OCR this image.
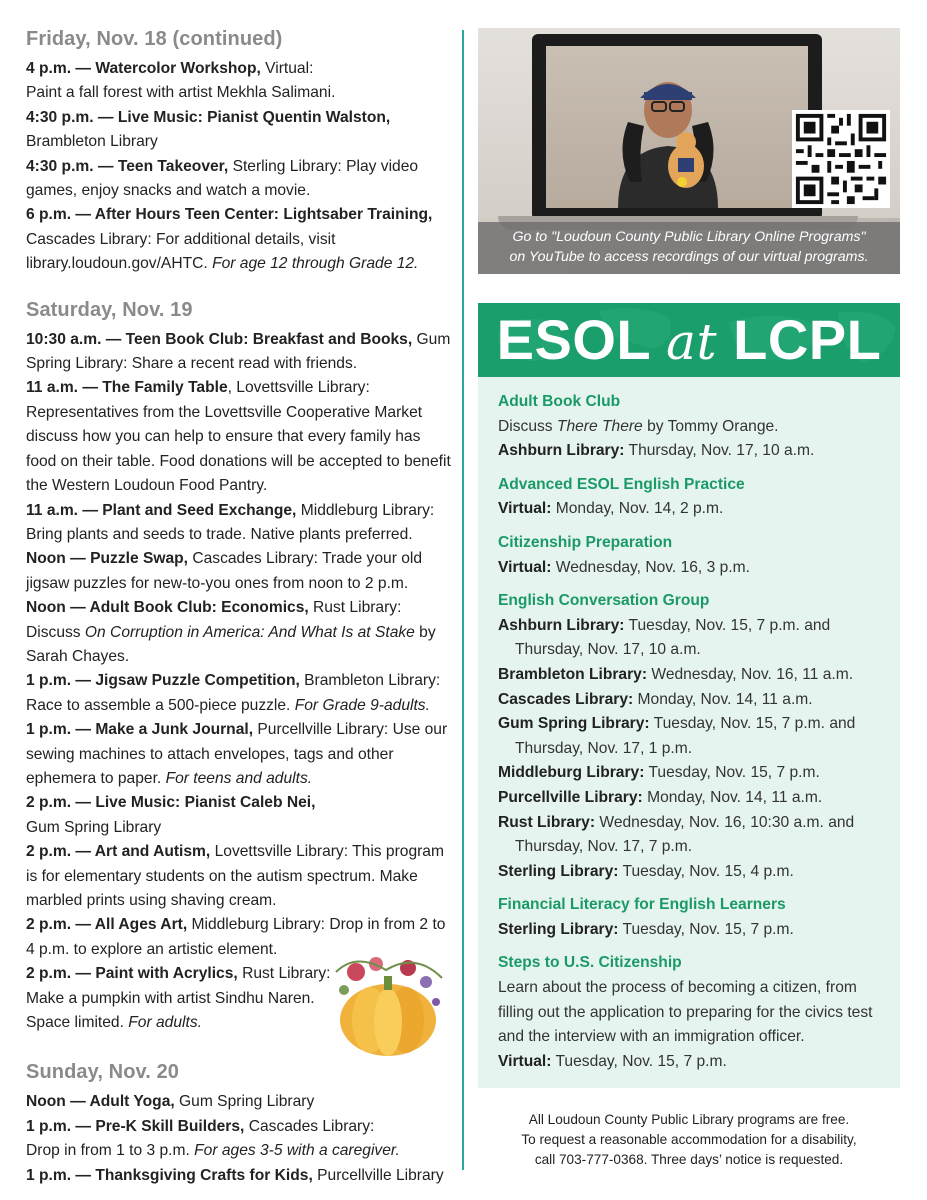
Friday, Nov. 18 (continued)

4 p.m. — Watercolor Workshop, Virtual:
Paint a fall forest with artist Mekhla Salimani.

4:30 p.m. — Live Music: Pianist Quentin Walston,
Brambleton Library

4:30 p.m. — Teen Takeover, Sterling Library: Play video games, enjoy snacks and watch a movie.

6 p.m. — After Hours Teen Center: Lightsaber Training, Cascades Library: For additional details, visit library.loudoun.gov/AHTC. For age 12 through Grade 12.

Saturday, Nov. 19

10:30 a.m. — Teen Book Club: Breakfast and Books, Gum Spring Library: Share a recent read with friends.

11 a.m. — The Family Table, Lovettsville Library: Representatives from the Lovettsville Cooperative Market discuss how you can help to ensure that every family has food on their table. Food donations will be accepted to benefit the Western Loudoun Food Pantry.

11 a.m. — Plant and Seed Exchange, Middleburg Library: Bring plants and seeds to trade. Native plants preferred.

Noon — Puzzle Swap, Cascades Library: Trade your old jigsaw puzzles for new-to-you ones from noon to 2 p.m.

Noon — Adult Book Club: Economics, Rust Library: Discuss On Corruption in America: And What Is at Stake by Sarah Chayes.

1 p.m. — Jigsaw Puzzle Competition, Brambleton Library: Race to assemble a 500-piece puzzle. For Grade 9-adults.

1 p.m. — Make a Junk Journal, Purcellville Library: Use our sewing machines to attach envelopes, tags and other ephemera to paper. For teens and adults.

2 p.m. — Live Music: Pianist Caleb Nei,
Gum Spring Library

2 p.m. — Art and Autism, Lovettsville Library: This program is for elementary students on the autism spectrum. Make marbled prints using shaving cream.

2 p.m. — All Ages Art, Middleburg Library: Drop in from 2 to 4 p.m. to explore an artistic element.

2 p.m. — Paint with Acrylics, Rust Library:
Make a pumpkin with artist Sindhu Naren.
Space limited. For adults.

Sunday, Nov. 20

Noon — Adult Yoga, Gum Spring Library

1 p.m. — Pre-K Skill Builders, Cascades Library:
Drop in from 1 to 3 p.m. For ages 3-5 with a caregiver.

1 p.m. — Thanksgiving Crafts for Kids, Purcellville Library

Go to "Loudoun County Public Library Online Programs"
on YouTube to access recordings of our virtual programs.
ESOL at LCPL
Adult Book Club
Discuss There There by Tommy Orange.
Ashburn Library: Thursday, Nov. 17, 10 a.m.
Advanced ESOL English Practice
Virtual: Monday, Nov. 14, 2 p.m.
Citizenship Preparation
Virtual: Wednesday, Nov. 16, 3 p.m.
English Conversation Group
Ashburn Library: Tuesday, Nov. 15, 7 p.m. and
Thursday, Nov. 17, 10 a.m.
Brambleton Library: Wednesday, Nov. 16, 11 a.m.
Cascades Library: Monday, Nov. 14, 11 a.m.
Gum Spring Library: Tuesday, Nov. 15, 7 p.m. and
Thursday, Nov. 17, 1 p.m.
Middleburg Library: Tuesday, Nov. 15, 7 p.m.
Purcellville Library: Monday, Nov. 14, 11 a.m.
Rust Library: Wednesday, Nov. 16, 10:30 a.m. and
Thursday, Nov. 17, 7 p.m.
Sterling Library: Tuesday, Nov. 15, 4 p.m.
Financial Literacy for English Learners
Sterling Library: Tuesday, Nov. 15, 7 p.m.
Steps to U.S. Citizenship
Learn about the process of becoming a citizen, from filling out the application to preparing for the civics test and the interview with an immigration officer.
Virtual: Tuesday, Nov. 15, 7 p.m.
All Loudoun County Public Library programs are free.
To request a reasonable accommodation for a disability,
call 703-777-0368. Three days’ notice is requested.
